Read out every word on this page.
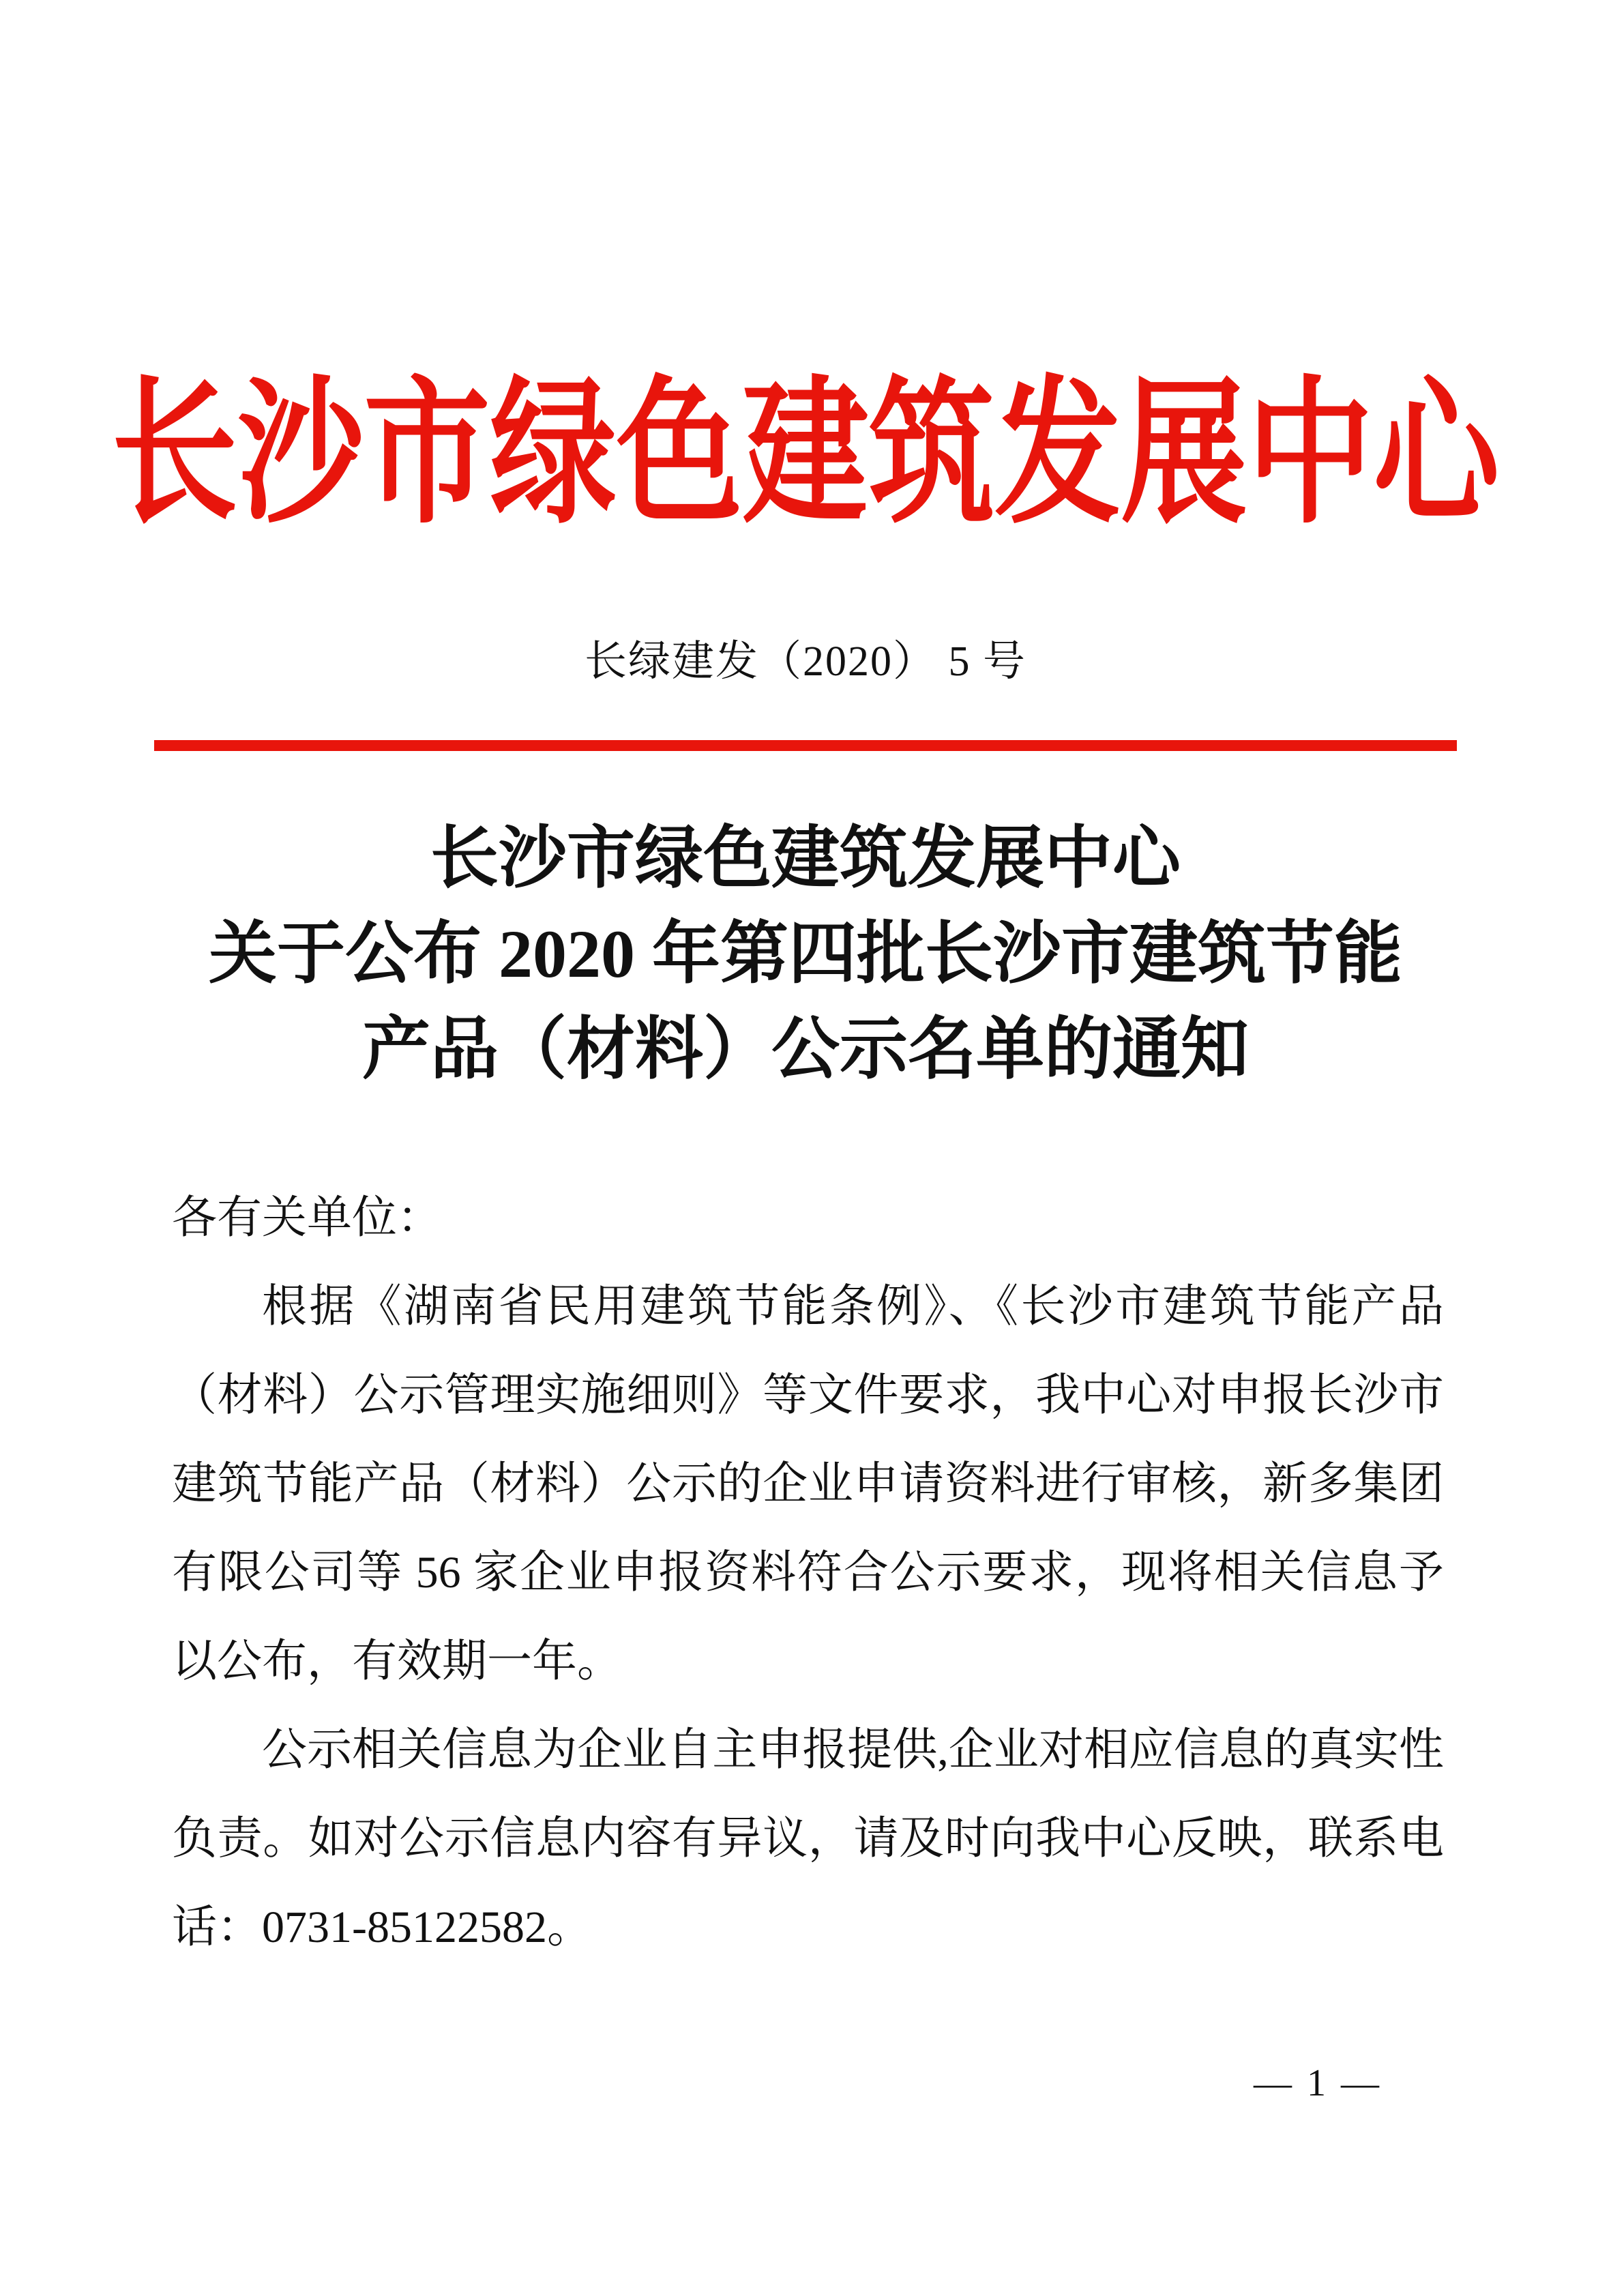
长沙市绿色建筑发展中心
长绿建发（2020） 5 号
长沙市绿色建筑发展中心
关于公布 2020 年第四批长沙市建筑节能
产品（材料）公示名单的通知

各有关单位：

根据《湖南省民用建筑节能条例》、《长沙市建筑节能产品（材料）公示管理实施细则》等文件要求，我中心对申报长沙市建筑节能产品（材料）公示的企业申请资料进行审核，新多集团有限公司等 56 家企业申报资料符合公示要求，现将相关信息予以公布，有效期一年。

公示相关信息为企业自主申报提供,企业对相应信息的真实性负责。如对公示信息内容有异议，请及时向我中心反映，联系电话：0731-85122582。

— 1 —
